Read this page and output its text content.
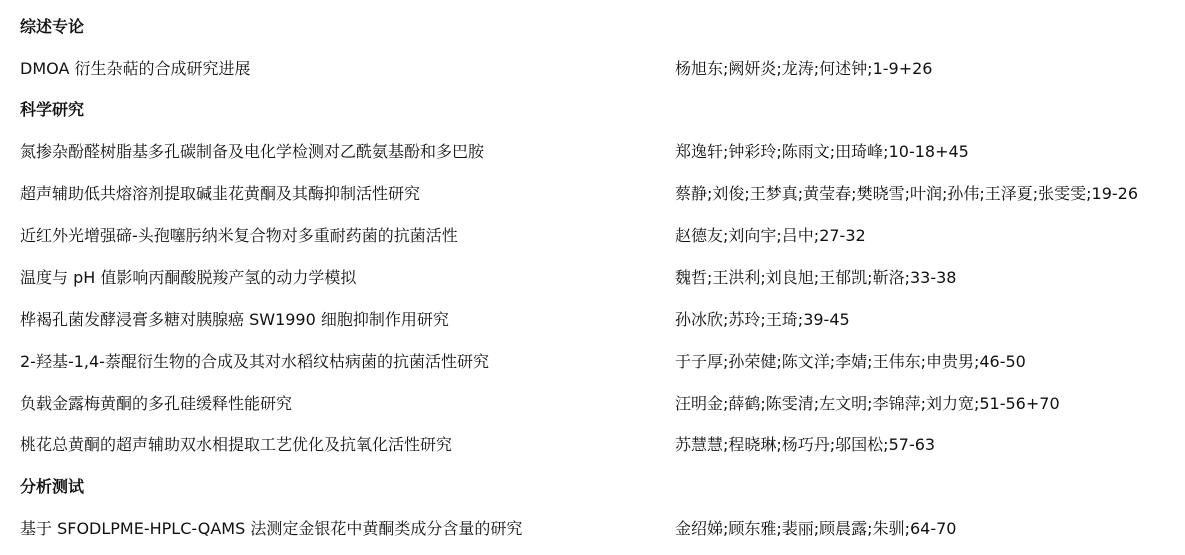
综述专论
DMOA 衍生杂萜的合成研究进展	杨旭东;阙妍炎;龙涛;何述钟;1-9+26
科学研究
氮掺杂酚醛树脂基多孔碳制备及电化学检测对乙酰氨基酚和多巴胺	郑逸轩;钟彩玲;陈雨文;田琦峰;10-18+45
超声辅助低共熔溶剂提取碱韭花黄酮及其酶抑制活性研究	蔡静;刘俊;王梦真;黄莹春;樊晓雪;叶润;孙伟;王泽夏;张雯雯;19-26
近红外光增强碲-头孢噻肟纳米复合物对多重耐药菌的抗菌活性	赵德友;刘向宇;吕中;27-32
温度与 pH 值影响丙酮酸脱羧产氢的动力学模拟	魏哲;王洪利;刘良旭;王郁凯;靳洛;33-38
桦褐孔菌发酵浸膏多糖对胰腺癌 SW1990 细胞抑制作用研究	孙冰欣;苏玲;王琦;39-45
2-羟基-1,4-萘醌衍生物的合成及其对水稻纹枯病菌的抗菌活性研究	于子厚;孙荣健;陈文洋;李婧;王伟东;申贵男;46-50
负载金露梅黄酮的多孔硅缓释性能研究	汪明金;薛鹤;陈雯清;左文明;李锦萍;刘力宽;51-56+70
桃花总黄酮的超声辅助双水相提取工艺优化及抗氧化活性研究	苏慧慧;程晓琳;杨巧丹;邬国松;57-63
分析测试
基于 SFODLPME-HPLC-QAMS 法测定金银花中黄酮类成分含量的研究	金绍娣;顾东雅;裴丽;顾晨露;朱驯;64-70
